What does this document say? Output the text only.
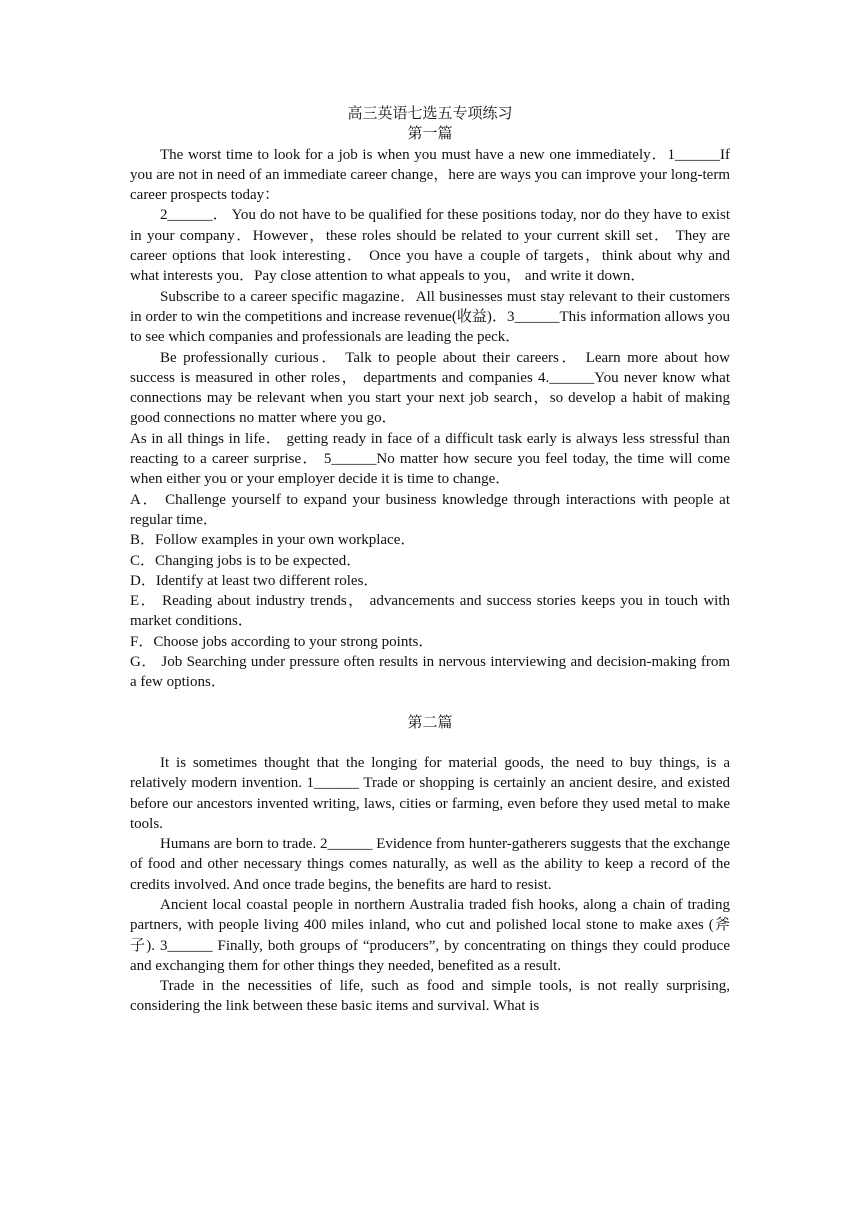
高三英语七选五专项练习
第一篇

The worst time to look for a job is when you must have a new one immediately．1______If you are not in need of an immediate career change，here are ways you can improve your long-term career prospects today：

2______． You do not have to be qualified for these positions today, nor do they have to exist in your company．However，these roles should be related to your current skill set． They are career options that look interesting． Once you have a couple of targets，think about why and what interests you．Pay close attention to what appeals to you， and write it down．

Subscribe to a career specific magazine．All businesses must stay relevant to their customers in order to win the competitions and increase revenue(收益)．3______This information allows you to see which companies and professionals are leading the peck．

Be professionally curious． Talk to people about their careers． Learn more about how success is measured in other roles， departments and companies 4.______You never know what connections may be relevant when you start your next job search，so develop a habit of making good connections no matter where you go．

As in all things in life． getting ready in face of a difficult task early is always less stressful than reacting to a career surprise． 5______No matter how secure you feel today, the time will come when either you or your employer decide it is time to change．

A． Challenge yourself to expand your business knowledge through interactions with people at regular time．

B．Follow examples in your own workplace．

C．Changing jobs is to be expected．

D．Identify at least two different roles．

E． Reading about industry trends， advancements and success stories keeps you in touch with market conditions．

F．Choose jobs according to your strong points．

G． Job Searching under pressure often results in nervous interviewing and decision-making from a few options．

第二篇

It is sometimes thought that the longing for material goods, the need to buy things, is a relatively modern invention. 1______ Trade or shopping is certainly an ancient desire, and existed before our ancestors invented writing, laws, cities or farming, even before they used metal to make tools.

Humans are born to trade. 2______ Evidence from hunter-gatherers suggests that the exchange of food and other necessary things comes naturally, as well as the ability to keep a record of the credits involved. And once trade begins, the benefits are hard to resist.

Ancient local coastal people in northern Australia traded fish hooks, along a chain of trading partners, with people living 400 miles inland, who cut and polished local stone to make axes (斧子). 3______ Finally, both groups of “producers”, by concentrating on things they could produce and exchanging them for other things they needed, benefited as a result.

Trade in the necessities of life, such as food and simple tools, is not really surprising, considering the link between these basic items and survival. What is
